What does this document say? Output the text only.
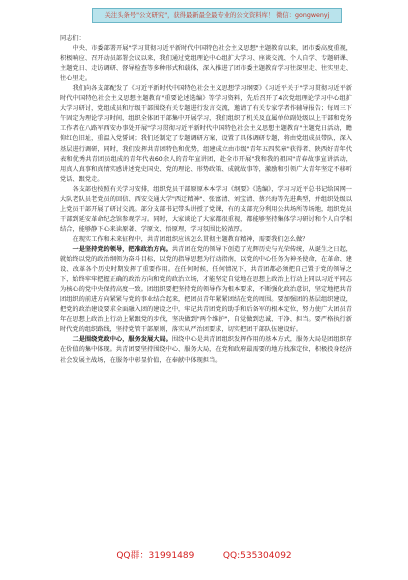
关注头条号"公文研究"，获得最新最全最专业的公文资料库！ 微信：gongwenyj

同志们：

中央、市委部署开展"学习贯彻习近平新时代中国特色社会主义思想"主题教育以来，团市委高度重视，积极响应、召开动员部署会议以来，我们通过党组理论中心组扩大学习、座谈交流、个人自学、专题研课、主题党日、走访调研、督导检查等多种形式和载体，深入推进了团市委主题教育学习往深里走、往实里走、往心里走。

我们向各支部配发了《习近平新时代中国特色社会主义思想学习纲要》《习近平关于"学习贯彻习近平新时代中国特色社会主义思想主题教育"重要论述选编》等学习资料，先后召开了4次党组理论学习中心组扩大学习研讨，党组成员和厅级干部围绕有关专题进行发言交流，邀请了有关专家学者作辅导报告；每周三下午固定为理论学习时间，组织全体团干部集中开展学习，我们组织了机关及直属单位副处级以上干部和党务工作者在八路军西安办事处开展"学习贯彻习近平新时代中国特色社会主义思想主题教育"主题党日活动，瞻仰红色旧址，重温入党誓词；我们还制定了专题调研方案，设置了具体调研专题，将由党组成员带队，深入基层进行调研，同时，我们发挥共青团特色和优势，组建成立由市级"青年五四奖章"获得者、陕西好青年代表和优秀共青团员组成的青年代表60余人的青年宣讲团，赴全市开展"我和我的祖国"青春故事宣讲活动，用真人真事和真情实感讲述党史国史、党的理论、形势政策、成就故事等，激励和引领广大青年坚定不移听党话、跟党走。

各支部也按照有关学习安排，组织党员干部原原本本学习《纲要》《选编》，学习习近平总书记给国网一大队老队员老党员的回信、西安交通大学"西迁精神"、张富清、刘宝清、蔡兴海等先进典型，并组织处级以上党员干部开展了研讨交流。部分支部书记带头讲授了党课，有的支部充分利用公共场所等场地，组织党员干部到延安革命纪念馆参观学习。同时，大家谈论了大家都很重视，都能够坚持集体学习研讨和个人自学相结合，能够静下心来读原著、学原文、悟原理，学习氛围比较浓厚。

在现实工作和未来征程中，共青团组织应该怎么贯彻主题教育精神，需要我们怎么做？

一是坚持党的领导，把准政治方向。共青团在党的领导下创造了光辉历史与光荣传统，从诞生之日起，就始终以党的政治纲领为奋斗目标，以党的指导思想为行动指南，以党的中心任务为神圣使命，在革命、建设、改革各个历史时期发挥了重要作用。在任何时候，任何情况下，共青团都必须把自己置于党的领导之下，始终牢牢把握正确的政治方向和党的政治立场，才能坚定自觉地在思想上政治上行动上同以习近平同志为核心的党中央保持高度一致。团组织要把坚持党的领导作为根本要求，不断强化政治意识，坚定地把共青团组织的前进方向紧紧与党的事业结合起来，把团员青年紧紧团结在党的周围。要加强团的基层组织建设，把党的政治建设要求全面融入团的建设之中，牢记共青团党的助手和后备军的根本定位，努力使广大团员青年在思想上政治上行动上紧跟党的步伐，坚决做到"两个维护"，自觉做到忠诚、干净、担当。要严格执行新时代党的组织路线，坚持党管干部原则，落实从严治团要求，切实把团干部队伍建设好。

二是围绕党政中心，服务发展大局。围绕中心是共青团组织发挥作用的基本方式，服务大局是团组织存在价值的集中体现。共青团要坚持围绕中心、服务大局，在党和政府最需要的地方找准定位，积极投身经济社会发展主战场，在服务中彰显价值，在奉献中体现担当。

QQ群：31991489	QQ:535304092
